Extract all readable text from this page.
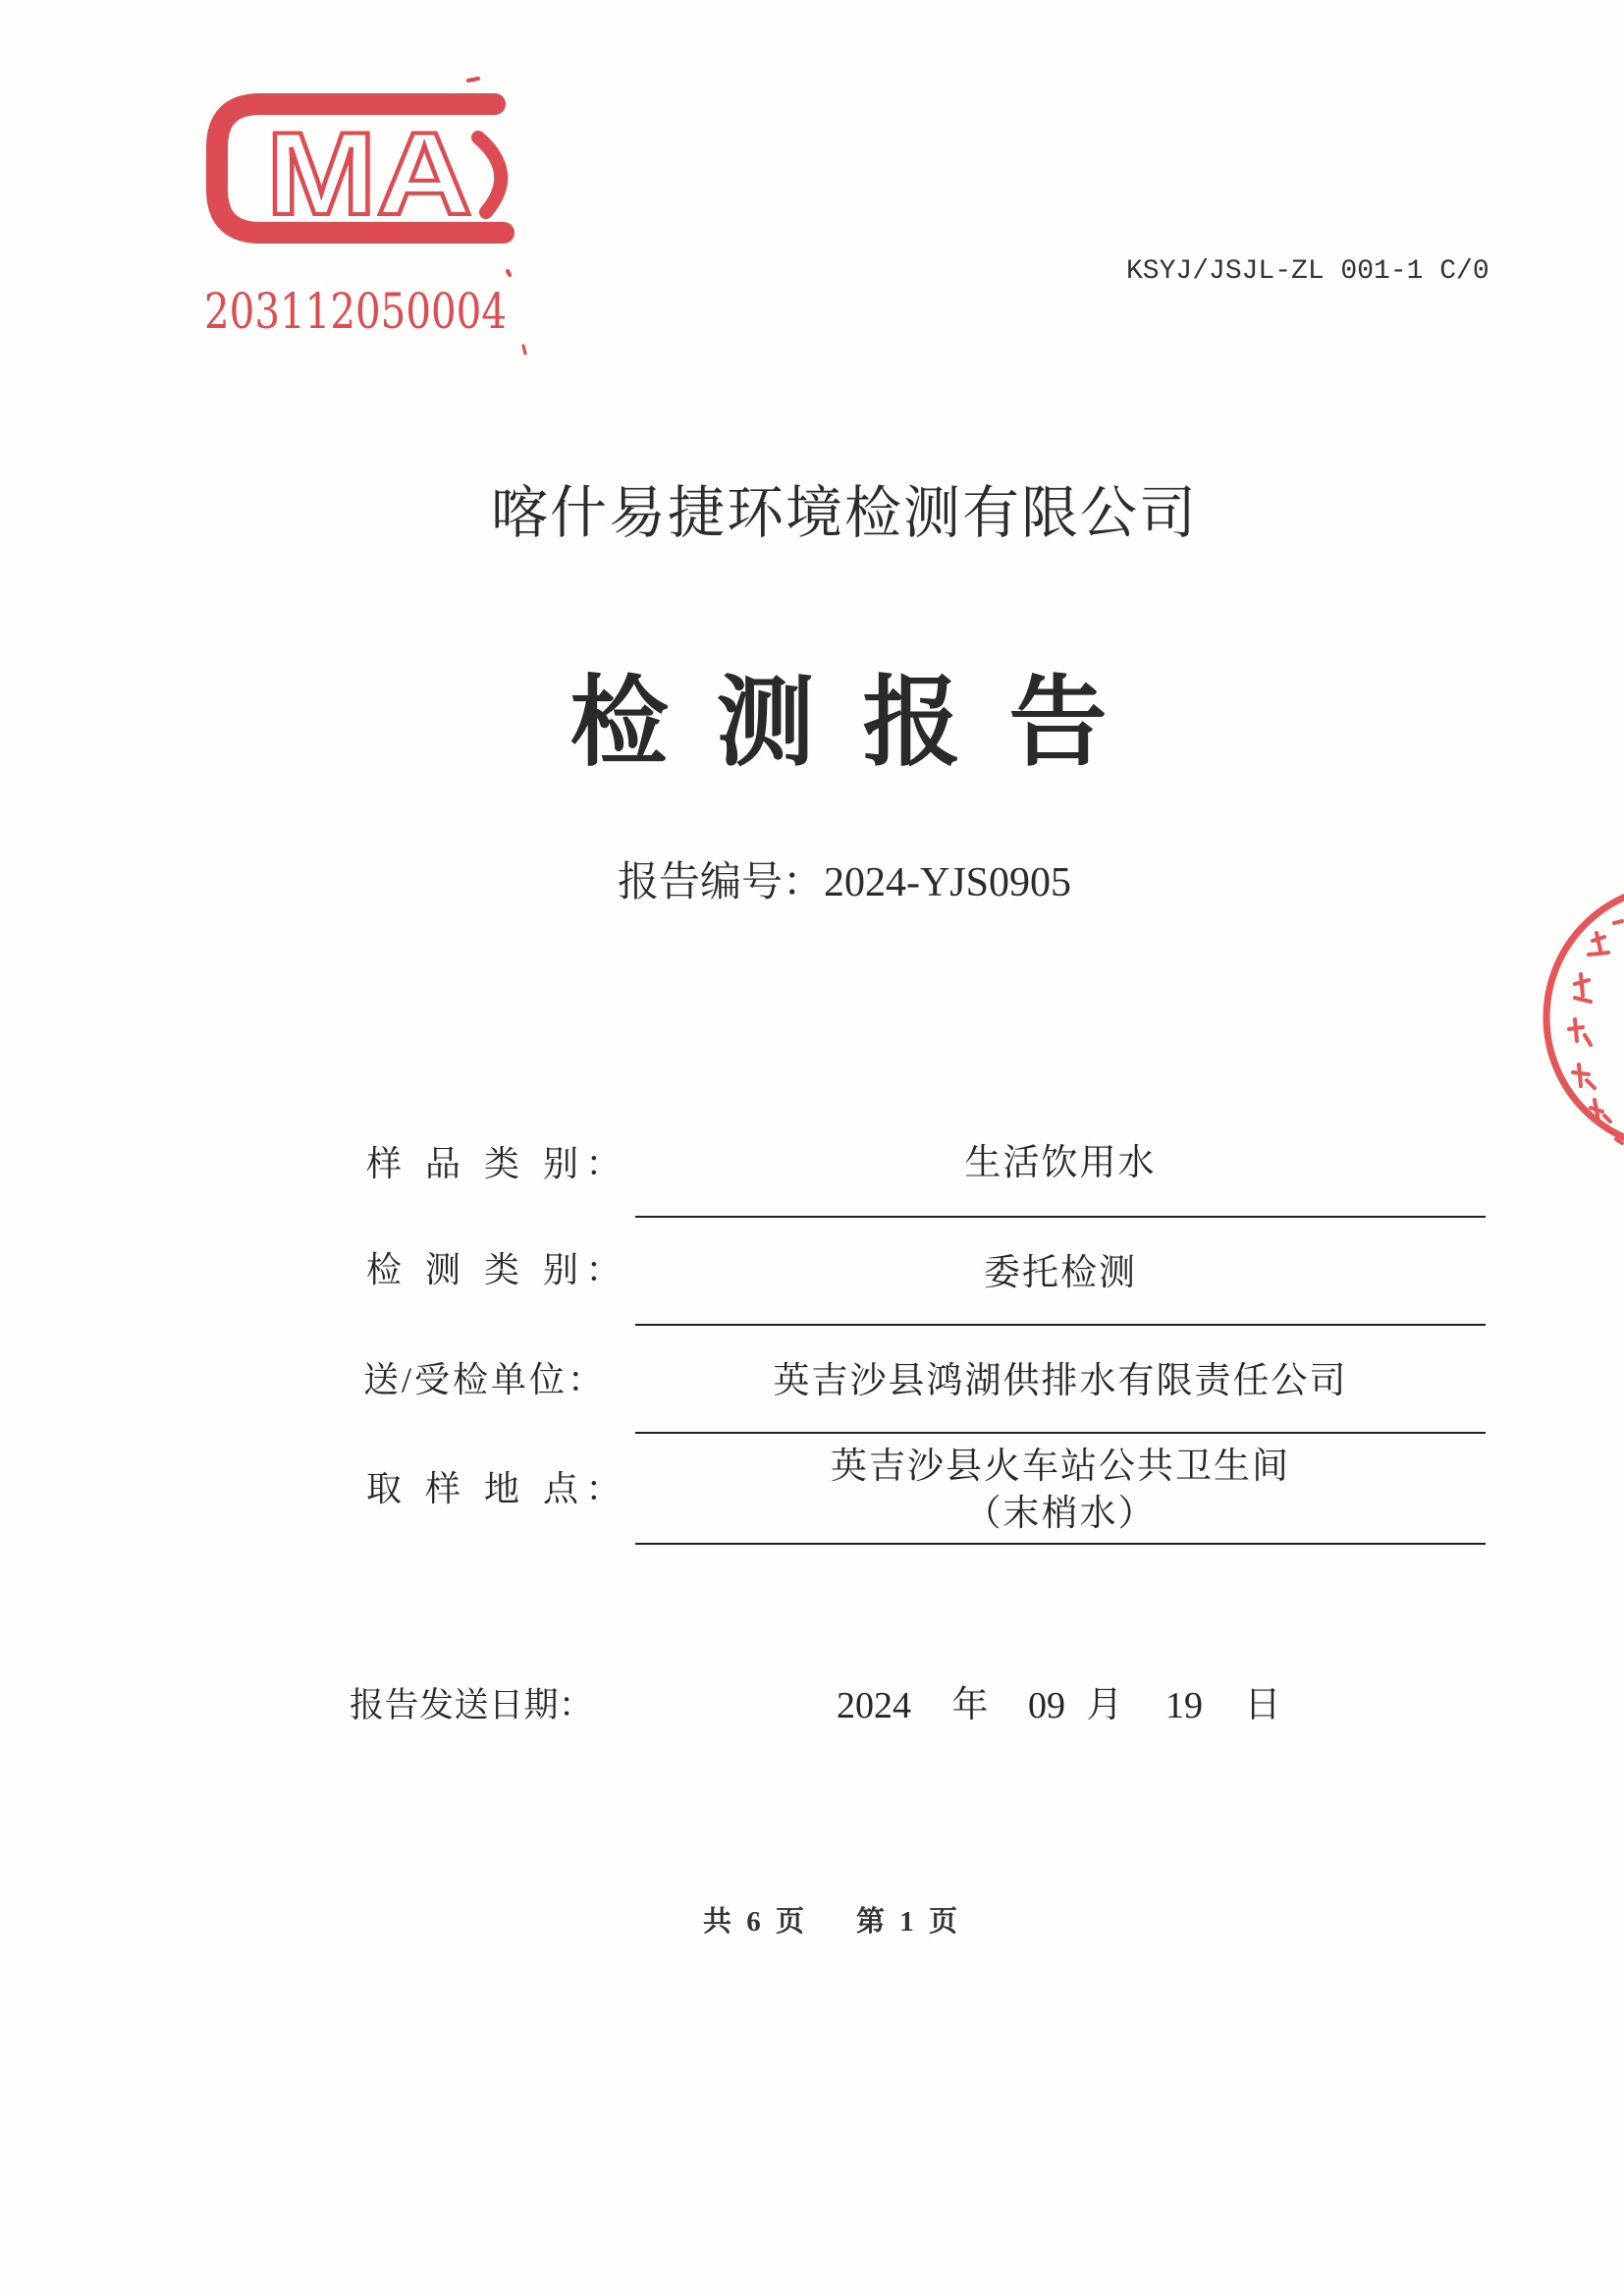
MA
203112050004
KSYJ/JSJL-ZL 001-1 C/0
喀什易捷环境检测有限公司
检 测 报 告
报告编号：2024-YJS0905
样 品 类 别：	生活饮用水
检 测 类 别：	委托检测
送/受检单位：	英吉沙县鸿湖供排水有限责任公司
取 样 地 点：
英吉沙县火车站公共卫生间
（末梢水）
报告发送日期：	2024 年 09 月 19 日
共 6 页 第 1 页
